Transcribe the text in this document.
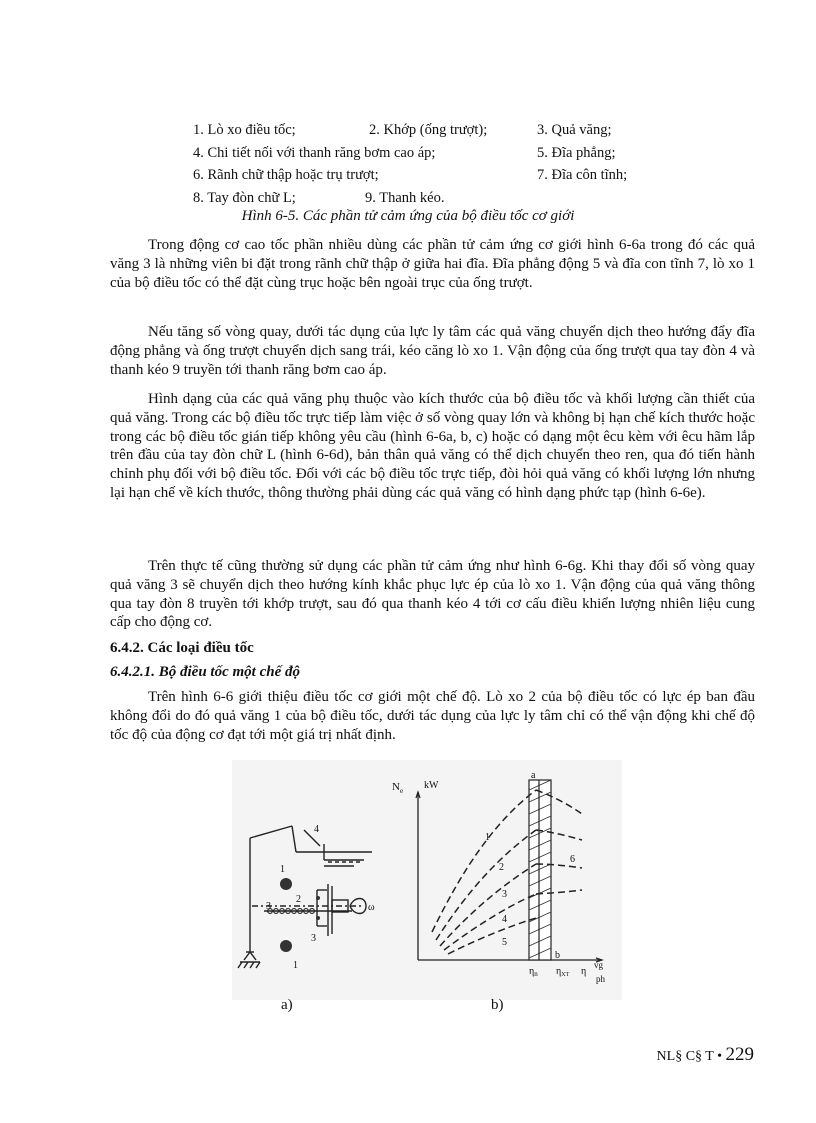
1. Lò xo điều tốc;	2. Khớp (ống trượt);	3. Quả văng;
4. Chi tiết nối với thanh răng bơm cao áp;	5. Đĩa phẳng;
6. Rãnh chữ thập hoặc trụ trượt;	7. Đĩa côn tĩnh;
8. Tay đòn chữ L;	9. Thanh kéo.
Hình 6-5. Các phần tử cảm ứng của bộ điều tốc cơ giới

Trong động cơ cao tốc phần nhiều dùng các phần tử cảm ứng cơ giới hình 6-6a trong đó các quả văng 3 là những viên bi đặt trong rãnh chữ thập ở giữa hai đĩa. Đĩa phẳng động 5 và đĩa con tĩnh 7, lò xo 1 của bộ điều tốc có thể đặt cùng trục hoặc bên ngoài trục của ống trượt.

Nếu tăng số vòng quay, dưới tác dụng của lực ly tâm các quả văng chuyển dịch theo hướng đẩy đĩa động phẳng và ống trượt chuyển dịch sang trái, kéo căng lò xo 1. Vận động của ống trượt qua tay đòn 4 và thanh kéo 9 truyền tới thanh răng bơm cao áp.

Hình dạng của các quả văng phụ thuộc vào kích thước của bộ điều tốc và khối lượng cần thiết của quả văng. Trong các bộ điều tốc trực tiếp làm việc ở số vòng quay lớn và không bị hạn chế kích thước hoặc trong các bộ điều tốc gián tiếp không yêu cầu (hình 6-6a, b, c) hoặc có dạng một êcu kèm với êcu hãm lắp trên đầu của tay đòn chữ L (hình 6-6d), bản thân quả văng có thể dịch chuyển theo ren, qua đó tiến hành chỉnh phụ đối với bộ điều tốc. Đối với các bộ điều tốc trực tiếp, đòi hỏi quả văng có khối lượng lớn nhưng lại hạn chế về kích thước, thông thường phải dùng các quả văng có hình dạng phức tạp (hình 6-6e).

Trên thực tế cũng thường sử dụng các phần tử cảm ứng như hình 6-6g. Khi thay đổi số vòng quay quả văng 3 sẽ chuyển dịch theo hướng kính khắc phục lực ép của lò xo 1. Vận động của quả văng thông qua tay đòn 8 truyền tới khớp trượt, sau đó qua thanh kéo 4 tới cơ cấu điều khiển lượng nhiên liệu cung cấp cho động cơ.

6.4.2. Các loại điều tốc

6.4.2.1. Bộ điều tốc một chế độ

Trên hình 6-6 giới thiệu điều tốc cơ giới một chế độ. Lò xo 2 của bộ điều tốc có lực ép ban đầu không đổi do đó quả văng 1 của bộ điều tốc, dưới tác dụng của lực ly tâm chỉ có thể vận động khi chế độ tốc độ của động cơ đạt tới một giá trị nhất định.

4
1
2
3
3
1
ω
$N_e$ kW
a
b
1
2
3
4
5
6
$\eta_n$ $\eta_{XT}$ η
vg
ph
a)	b)
NL§ C§ T • 229
